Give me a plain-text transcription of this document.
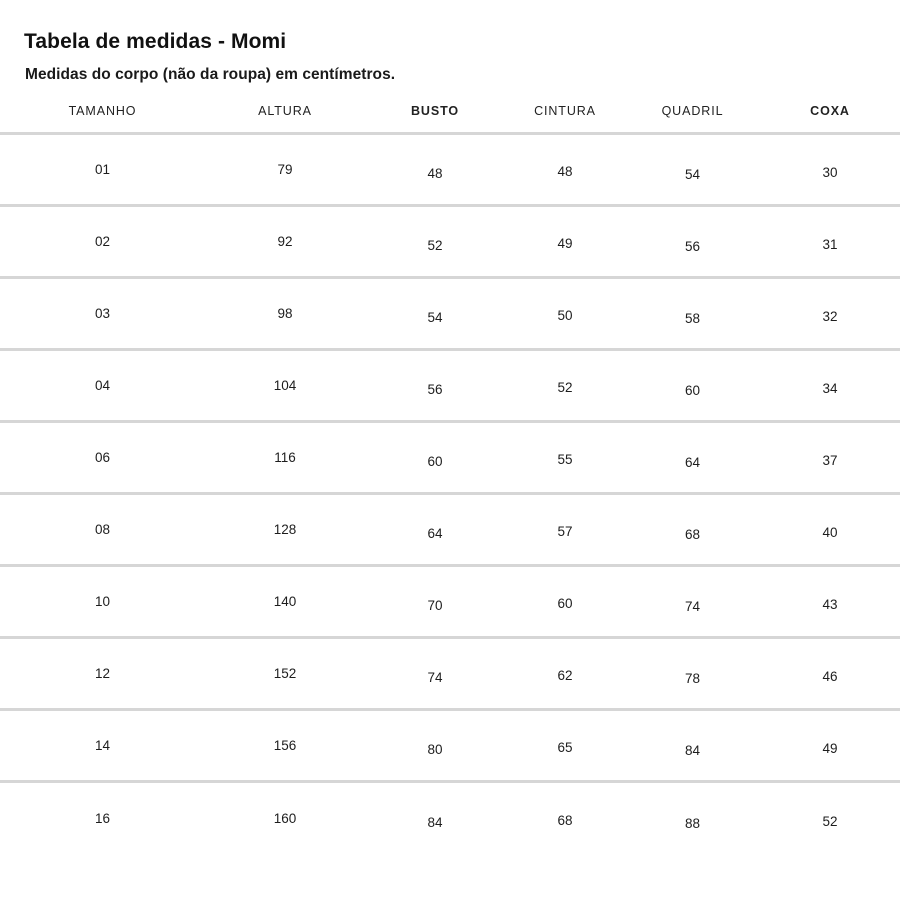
Tabela de medidas - Momi
Medidas do corpo (não da roupa) em centímetros.
TAMANHO	ALTURA	BUSTO	CINTURA	QUADRIL	COXA
01	79	48	48	54	30
02	92	52	49	56	31
03	98	54	50	58	32
04	104	56	52	60	34
06	116	60	55	64	37
08	128	64	57	68	40
10	140	70	60	74	43
12	152	74	62	78	46
14	156	80	65	84	49
16	160	84	68	88	52
